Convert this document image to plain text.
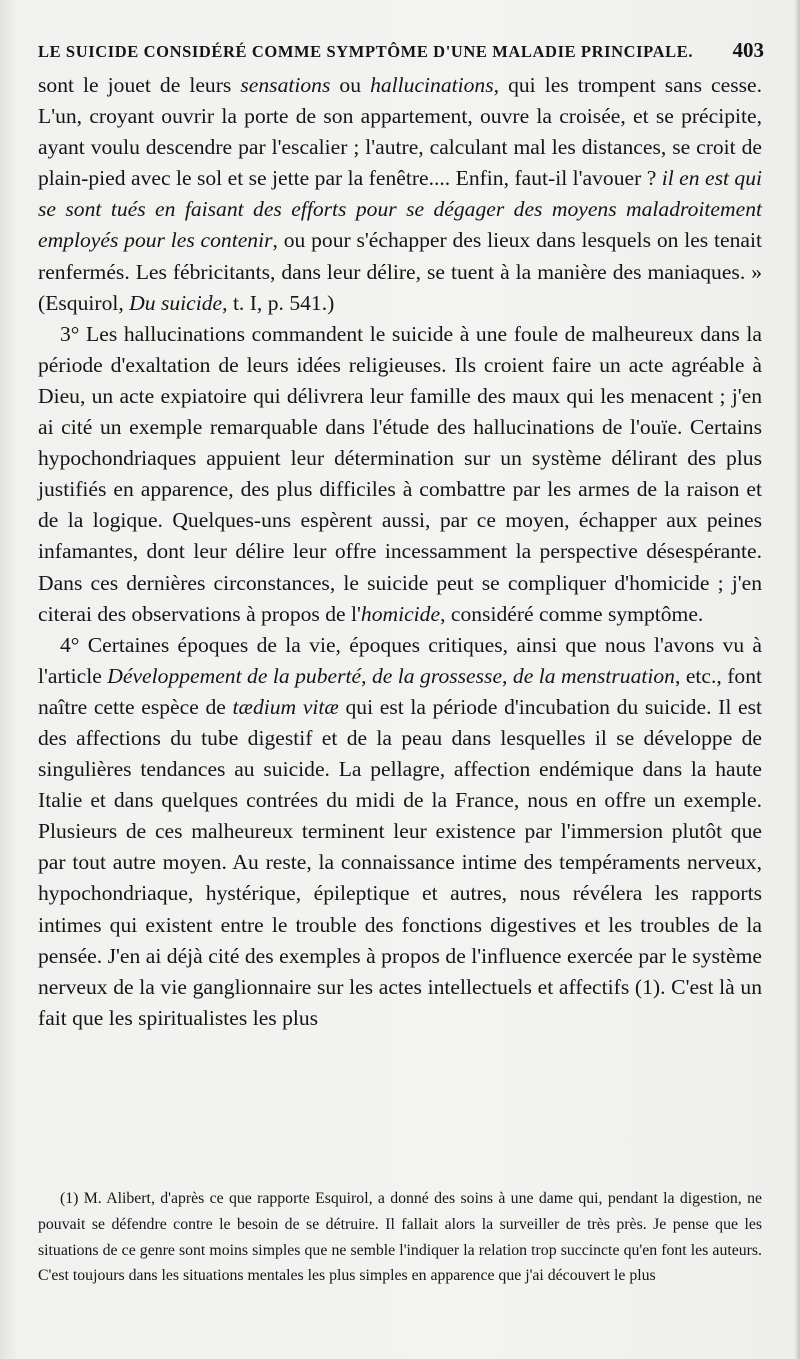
LE SUICIDE CONSIDÉRÉ COMME SYMPTÔME D'UNE MALADIE PRINCIPALE. 403

sont le jouet de leurs sensations ou hallucinations, qui les trompent sans cesse. L'un, croyant ouvrir la porte de son appartement, ouvre la croisée, et se précipite, ayant voulu descendre par l'escalier ; l'autre, calculant mal les distances, se croit de plain-pied avec le sol et se jette par la fenêtre.... Enfin, faut-il l'avouer ? il en est qui se sont tués en faisant des efforts pour se dégager des moyens maladroitement employés pour les contenir, ou pour s'échapper des lieux dans lesquels on les tenait renfermés. Les fébricitants, dans leur délire, se tuent à la manière des maniaques. » (Esquirol, Du suicide, t. I, p. 541.)

3° Les hallucinations commandent le suicide à une foule de malheureux dans la période d'exaltation de leurs idées religieuses. Ils croient faire un acte agréable à Dieu, un acte expiatoire qui délivrera leur famille des maux qui les menacent ; j'en ai cité un exemple remarquable dans l'étude des hallucinations de l'ouïe. Certains hypochondriaques appuient leur détermination sur un système délirant des plus justifiés en apparence, des plus difficiles à combattre par les armes de la raison et de la logique. Quelques-uns espèrent aussi, par ce moyen, échapper aux peines infamantes, dont leur délire leur offre incessamment la perspective désespérante. Dans ces dernières circonstances, le suicide peut se compliquer d'homicide ; j'en citerai des observations à propos de l'homicide, considéré comme symptôme.

4° Certaines époques de la vie, époques critiques, ainsi que nous l'avons vu à l'article Développement de la puberté, de la grossesse, de la menstruation, etc., font naître cette espèce de tædium vitæ qui est la période d'incubation du suicide. Il est des affections du tube digestif et de la peau dans lesquelles il se développe de singulières tendances au suicide. La pellagre, affection endémique dans la haute Italie et dans quelques contrées du midi de la France, nous en offre un exemple. Plusieurs de ces malheureux terminent leur existence par l'immersion plutôt que par tout autre moyen. Au reste, la connaissance intime des tempéraments nerveux, hypochondriaque, hystérique, épileptique et autres, nous révélera les rapports intimes qui existent entre le trouble des fonctions digestives et les troubles de la pensée. J'en ai déjà cité des exemples à propos de l'influence exercée par le système nerveux de la vie ganglionnaire sur les actes intellectuels et affectifs (1). C'est là un fait que les spiritualistes les plus

(1) M. Alibert, d'après ce que rapporte Esquirol, a donné des soins à une dame qui, pendant la digestion, ne pouvait se défendre contre le besoin de se détruire. Il fallait alors la surveiller de très près. Je pense que les situations de ce genre sont moins simples que ne semble l'indiquer la relation trop succincte qu'en font les auteurs. C'est toujours dans les situations mentales les plus simples en apparence que j'ai découvert le plus
